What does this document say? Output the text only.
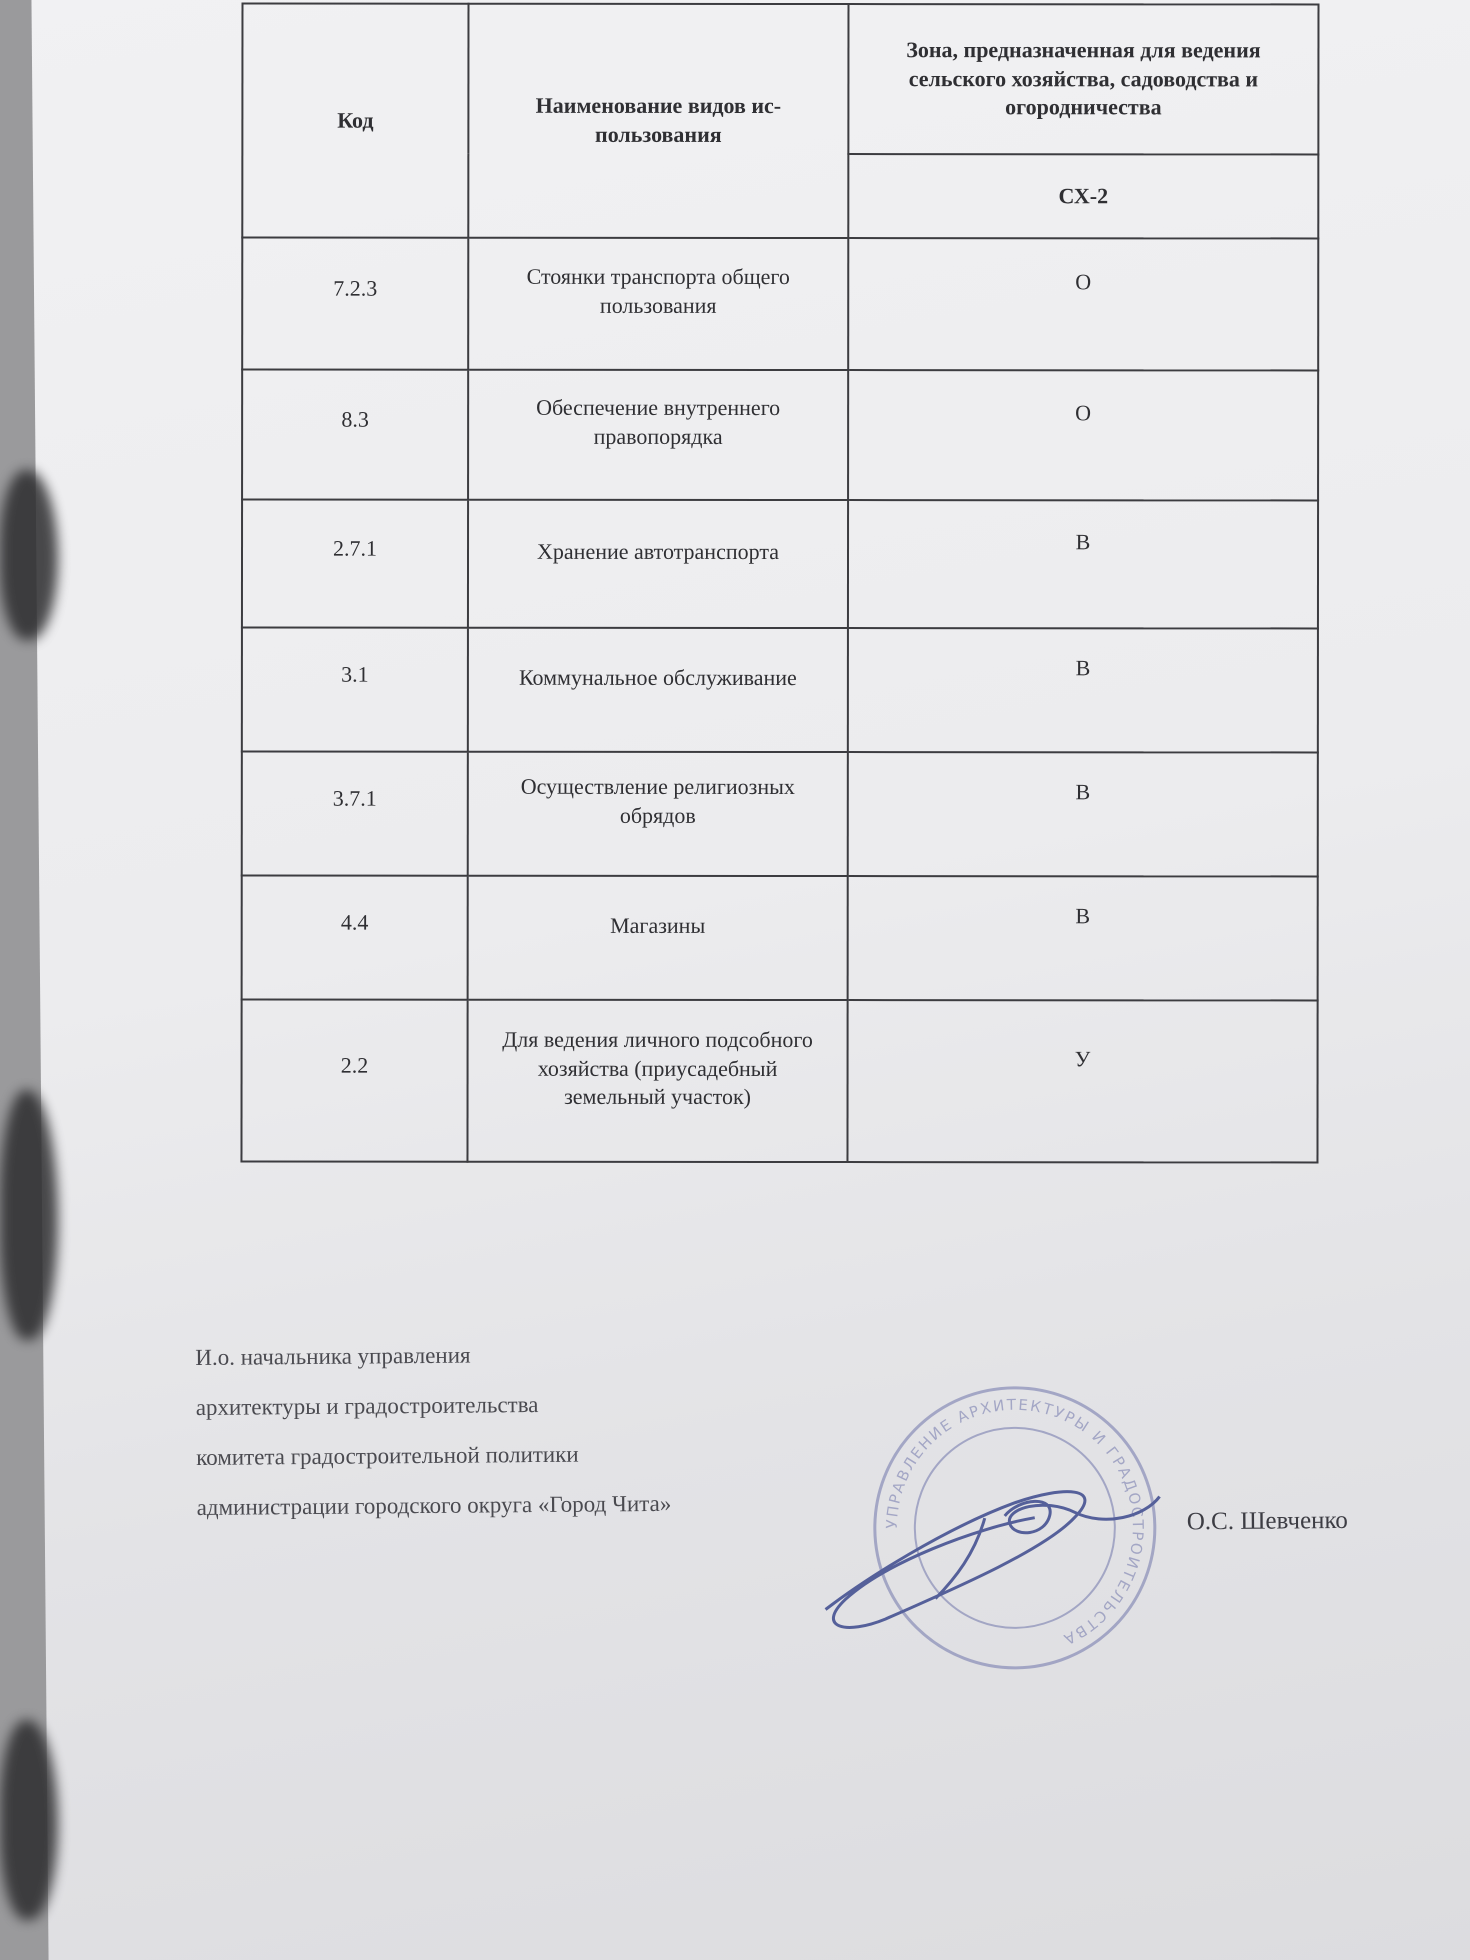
Код	Наименование видов ис-пользования	Зона, предназначенная для ведения сельского хозяйства, садоводства и огородничества
		СХ-2
7.2.3	Стоянки транспорта общего пользования	О
8.3	Обеспечение внутреннего правопорядка	О
2.7.1	Хранение автотранспорта	В
3.1	Коммунальное обслуживание	В
3.7.1	Осуществление религиозных обрядов	В
4.4	Магазины	В
2.2	Для ведения личного подсобного хозяйства (приусадебный земельный участок)	У
И.о. начальника управления
архитектуры и градостроительства
комитета градостроительной политики
администрации городского округа «Город Чита»
УПРАВЛЕНИЕ АРХИТЕКТУРЫ И ГРАДОСТРОИТЕЛЬСТВА
О.С. Шевченко
